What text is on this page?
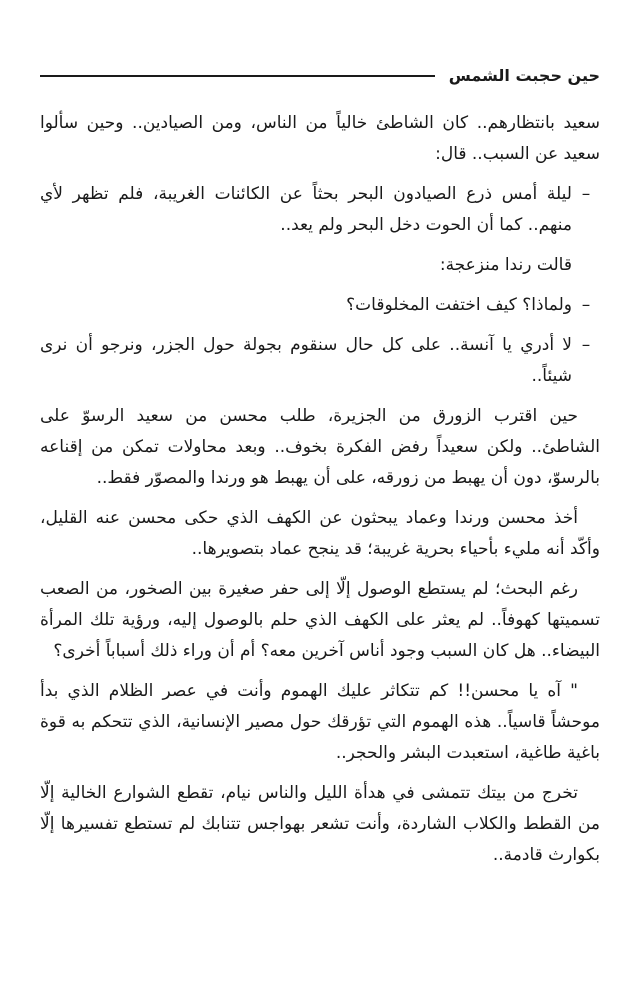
حين حجبت الشمس

سعيد بانتظارهم.. كان الشاطئ خالياً من الناس، ومن الصيادين.. وحين سألوا سعيد عن السبب.. قال:

–

ليلة أمس ذرع الصيادون البحر بحثاً عن الكائنات الغريبة، فلم تظهر لأي منهم.. كما أن الحوت دخل البحر ولم يعد..

قالت رندا منزعجة:

–

ولماذا؟ كيف اختفت المخلوقات؟

–

لا أدري يا آنسة.. على كل حال سنقوم بجولة حول الجزر، ونرجو أن نرى شيئاً..

حين اقترب الزورق من الجزيرة، طلب محسن من سعيد الرسوّ على الشاطئ.. ولكن سعيداً رفض الفكرة بخوف.. وبعد محاولات تمكن من إقناعه بالرسوّ، دون أن يهبط من زورقه، على أن يهبط هو ورندا والمصوّر فقط..

أخذ محسن ورندا وعماد يبحثون عن الكهف الذي حكى محسن عنه القليل، وأكّد أنه مليء بأحياء بحرية غريبة؛ قد ينجح عماد بتصويرها..

رغم البحث؛ لم يستطع الوصول إلّا إلى حفر صغيرة بين الصخور، من الصعب تسميتها كهوفاً.. لم يعثر على الكهف الذي حلم بالوصول إليه، ورؤية تلك المرأة البيضاء.. هل كان السبب وجود أناس آخرين معه؟ أم أن وراء ذلك أسباباً أخرى؟

" آه يا محسن!! كم تتكاثر عليك الهموم وأنت في عصر الظلام الذي بدأ موحشاً قاسياً.. هذه الهموم التي تؤرقك حول مصير الإنسانية، الذي تتحكم به قوة باغية طاغية، استعبدت البشر والحجر..

تخرج من بيتك تتمشى في هدأة الليل والناس نيام، تقطع الشوارع الخالية إلّا من القطط والكلاب الشاردة، وأنت تشعر بهواجس تتنابك لم تستطع تفسيرها إلّا بكوارث قادمة..
